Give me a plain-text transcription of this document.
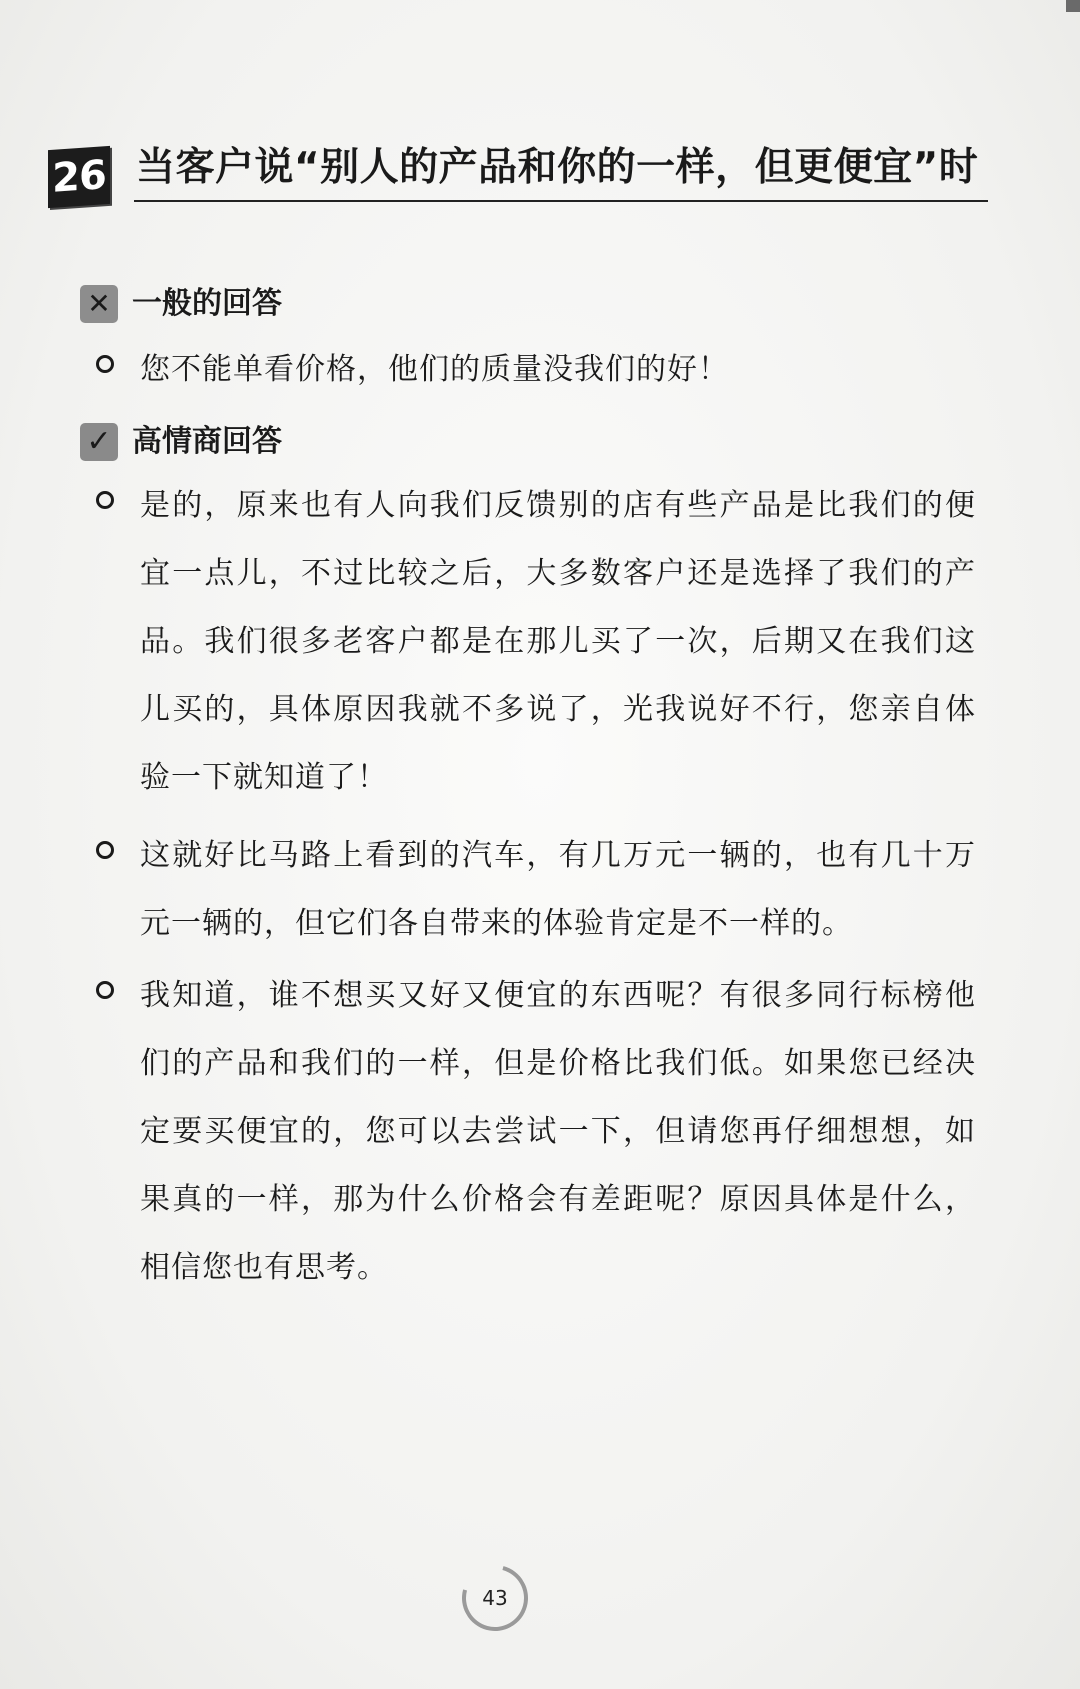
26 当客户说“别人的产品和你的一样，但更便宜”时
✕ 一般的回答
您不能单看价格，他们的质量没我们的好！
✓ 高情商回答
是的，原来也有人向我们反馈别的店有些产品是比我们的便宜一点儿，不过比较之后，大多数客户还是选择了我们的产品。我们很多老客户都是在那儿买了一次，后期又在我们这儿买的，具体原因我就不多说了，光我说好不行，您亲自体验一下就知道了！
这就好比马路上看到的汽车，有几万元一辆的，也有几十万元一辆的，但它们各自带来的体验肯定是不一样的。
我知道，谁不想买又好又便宜的东西呢？有很多同行标榜他们的产品和我们的一样，但是价格比我们低。如果您已经决定要买便宜的，您可以去尝试一下，但请您再仔细想想，如果真的一样，那为什么价格会有差距呢？原因具体是什么，相信您也有思考。
43
